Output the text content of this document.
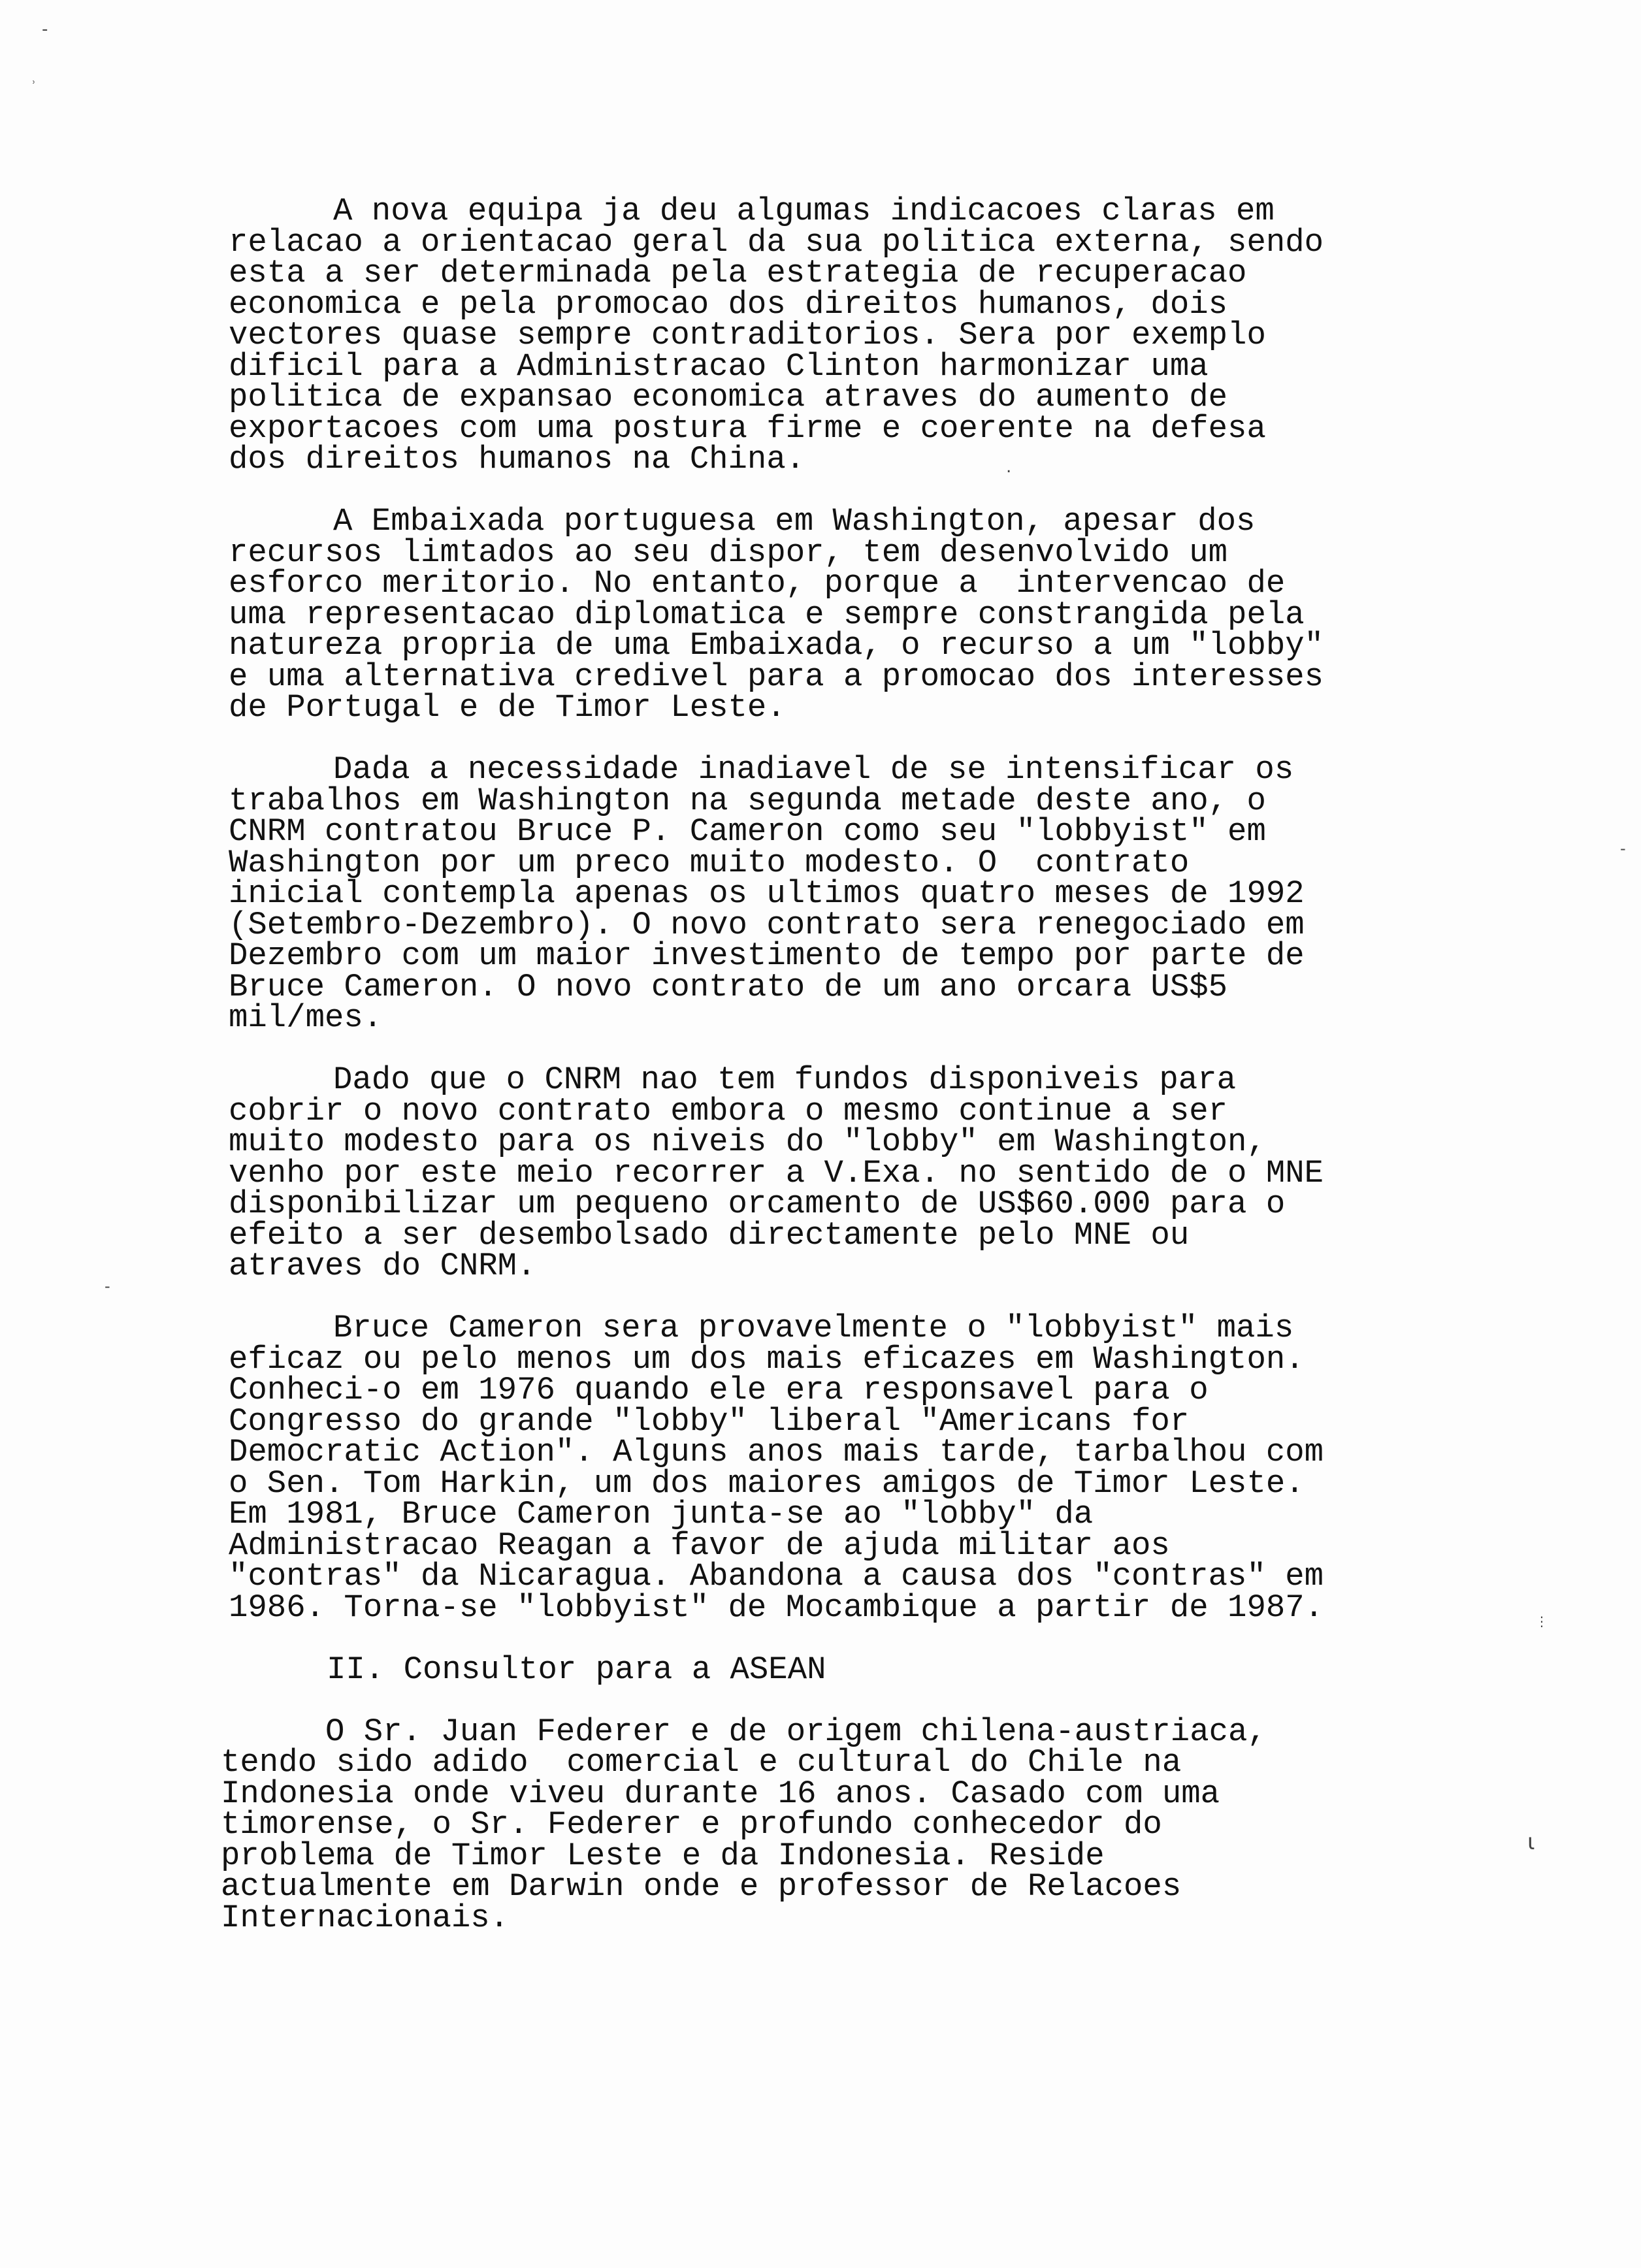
‐
⸒
-
.
-
⋮
ι
A nova equipa ja deu algumas indicacoes claras em
relacao a orientacao geral da sua politica externa, sendo
esta a ser determinada pela estrategia de recuperacao
economica e pela promocao dos direitos humanos, dois
vectores quase sempre contraditorios. Sera por exemplo
dificil para a Administracao Clinton harmonizar uma
politica de expansao economica atraves do aumento de
exportacoes com uma postura firme e coerente na defesa
dos direitos humanos na China.
A Embaixada portuguesa em Washington, apesar dos
recursos limtados ao seu dispor, tem desenvolvido um
esforco meritorio. No entanto, porque a  intervencao de
uma representacao diplomatica e sempre constrangida pela
natureza propria de uma Embaixada, o recurso a um "lobby"
e uma alternativa credivel para a promocao dos interesses
de Portugal e de Timor Leste.
Dada a necessidade inadiavel de se intensificar os
trabalhos em Washington na segunda metade deste ano, o
CNRM contratou Bruce P. Cameron como seu "lobbyist" em
Washington por um preco muito modesto. O  contrato
inicial contempla apenas os ultimos quatro meses de 1992
(Setembro-Dezembro). O novo contrato sera renegociado em
Dezembro com um maior investimento de tempo por parte de
Bruce Cameron. O novo contrato de um ano orcara US$5
mil/mes.
Dado que o CNRM nao tem fundos disponiveis para
cobrir o novo contrato embora o mesmo continue a ser
muito modesto para os niveis do "lobby" em Washington,
venho por este meio recorrer a V.Exa. no sentido de o MNE
disponibilizar um pequeno orcamento de US$60.000 para o
efeito a ser desembolsado directamente pelo MNE ou
atraves do CNRM.
Bruce Cameron sera provavelmente o "lobbyist" mais
eficaz ou pelo menos um dos mais eficazes em Washington.
Conheci-o em 1976 quando ele era responsavel para o
Congresso do grande "lobby" liberal "Americans for
Democratic Action". Alguns anos mais tarde, tarbalhou com
o Sen. Tom Harkin, um dos maiores amigos de Timor Leste.
Em 1981, Bruce Cameron junta-se ao "lobby" da
Administracao Reagan a favor de ajuda militar aos
"contras" da Nicaragua. Abandona a causa dos "contras" em
1986. Torna-se "lobbyist" de Mocambique a partir de 1987.
II. Consultor para a ASEAN
O Sr. Juan Federer e de origem chilena-austriaca,
tendo sido adido  comercial e cultural do Chile na
Indonesia onde viveu durante 16 anos. Casado com uma
timorense, o Sr. Federer e profundo conhecedor do
problema de Timor Leste e da Indonesia. Reside
actualmente em Darwin onde e professor de Relacoes
Internacionais.
